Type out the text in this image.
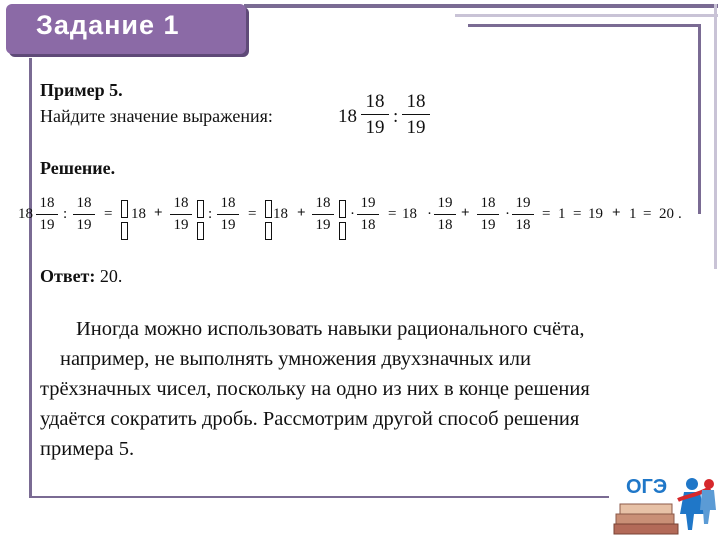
Задание 1
Пример 5.
Найдите значение выражения:	18
18
19
:
18
19
Решение.
18
18
19
:
18
19
= 18 +
18
19
:
18
19
= 18 +
18
19
·
19
18
= 18 ·
19
18
+
18
19
·
19
18
= 1 = 19 + 1 = 20 .
Ответ: 20.
Иногда можно использовать навыки рационального счёта,
например, не выполнять умножения двухзначных или
трёхзначных чисел, поскольку на одно из них в конце решения
удаётся сократить дробь. Рассмотрим другой способ решения
примера 5.
ОГЭ
